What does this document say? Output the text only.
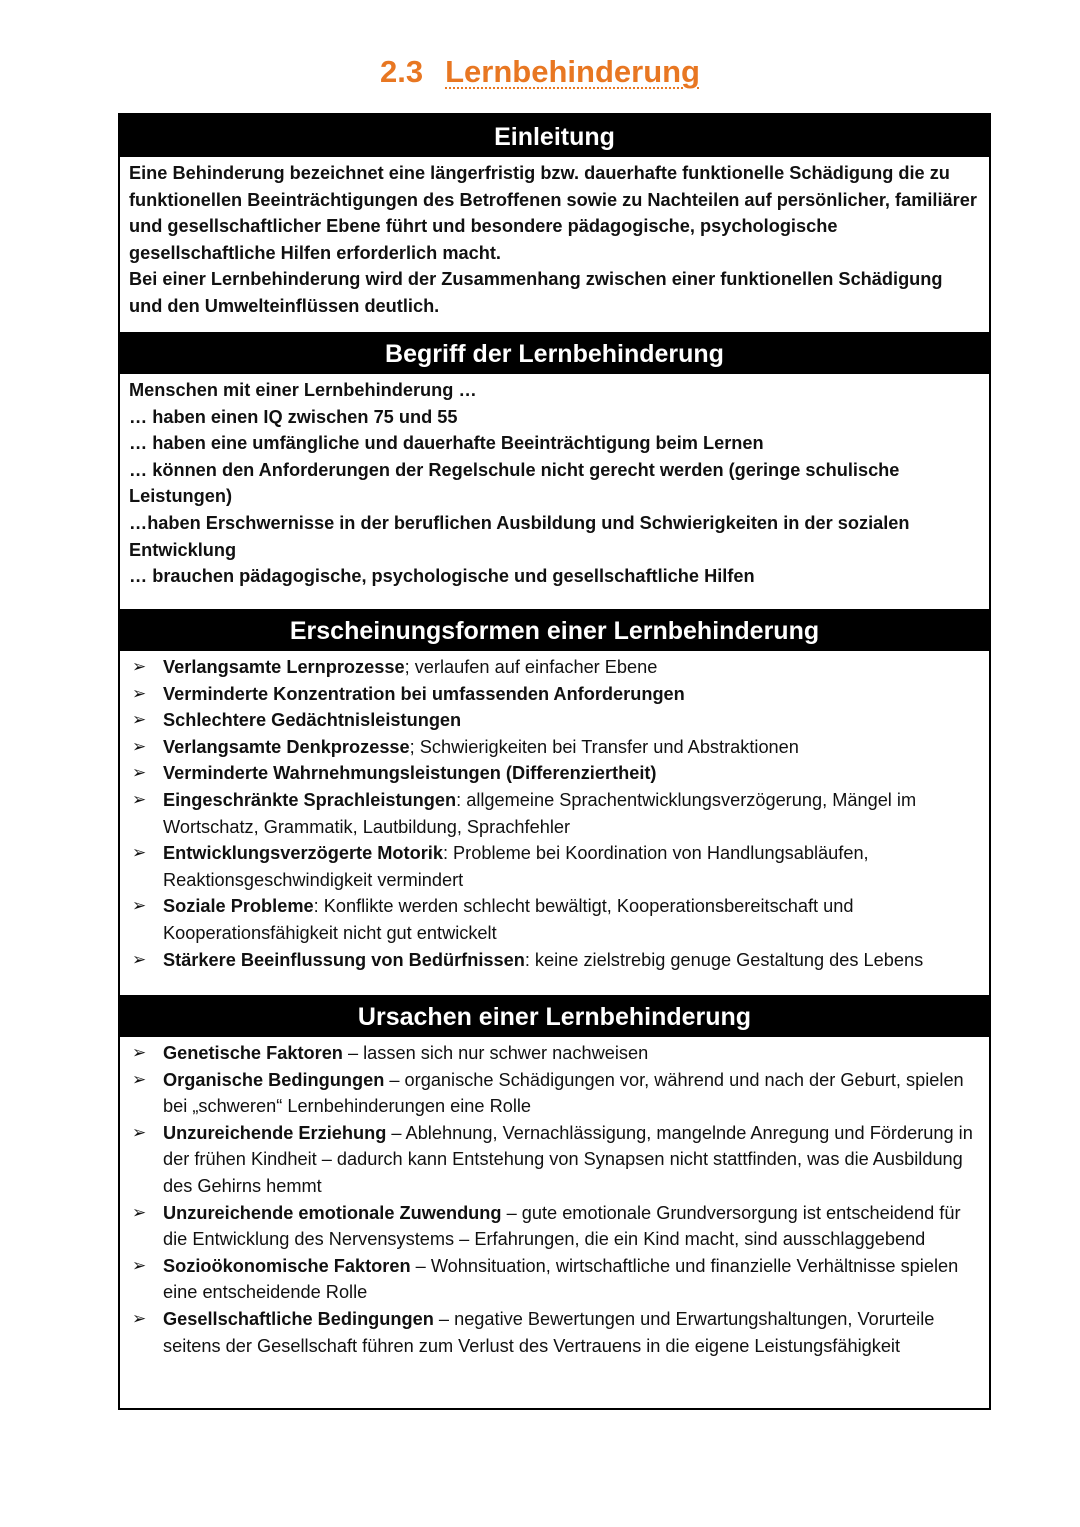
2.3 Lernbehinderung
Einleitung

Eine Behinderung bezeichnet eine längerfristig bzw. dauerhafte funktionelle Schädigung die zu funktionellen Beeinträchtigungen des Betroffenen sowie zu Nachteilen auf persönlicher, familiärer und gesellschaftlicher Ebene führt und besondere pädagogische, psychologische gesellschaftliche Hilfen erforderlich macht.

Bei einer Lernbehinderung wird der Zusammenhang zwischen einer funktionellen Schädigung und den Umwelteinflüssen deutlich.

Begriff der Lernbehinderung

Menschen mit einer Lernbehinderung …

… haben einen IQ zwischen 75 und 55

… haben eine umfängliche und dauerhafte Beeinträchtigung beim Lernen

… können den Anforderungen der Regelschule nicht gerecht werden (geringe schulische Leistungen)

…haben Erschwernisse in der beruflichen Ausbildung und Schwierigkeiten in der sozialen Entwicklung

… brauchen pädagogische, psychologische und gesellschaftliche Hilfen

Erscheinungsformen einer Lernbehinderung
➢ Verlangsamte Lernprozesse; verlaufen auf einfacher Ebene
➢ Verminderte Konzentration bei umfassenden Anforderungen
➢ Schlechtere Gedächtnisleistungen
➢ Verlangsamte Denkprozesse; Schwierigkeiten bei Transfer und Abstraktionen
➢ Verminderte Wahrnehmungsleistungen (Differenziertheit)
➢ Eingeschränkte Sprachleistungen: allgemeine Sprachentwicklungsverzögerung, Mängel im Wortschatz, Grammatik, Lautbildung, Sprachfehler
➢ Entwicklungsverzögerte Motorik: Probleme bei Koordination von Handlungsabläufen, Reaktionsgeschwindigkeit vermindert
➢ Soziale Probleme: Konflikte werden schlecht bewältigt, Kooperationsbereitschaft und Kooperationsfähigkeit nicht gut entwickelt
➢ Stärkere Beeinflussung von Bedürfnissen: keine zielstrebig genuge Gestaltung des Lebens
Ursachen einer Lernbehinderung
➢ Genetische Faktoren – lassen sich nur schwer nachweisen
➢ Organische Bedingungen – organische Schädigungen vor, während und nach der Geburt, spielen bei „schweren“ Lernbehinderungen eine Rolle
➢ Unzureichende Erziehung – Ablehnung, Vernachlässigung, mangelnde Anregung und Förderung in der frühen Kindheit – dadurch kann Entstehung von Synapsen nicht stattfinden, was die Ausbildung des Gehirns hemmt
➢ Unzureichende emotionale Zuwendung – gute emotionale Grundversorgung ist entscheidend für die Entwicklung des Nervensystems – Erfahrungen, die ein Kind macht, sind ausschlaggebend
➢ Sozioökonomische Faktoren – Wohnsituation, wirtschaftliche und finanzielle Verhältnisse spielen eine entscheidende Rolle
➢ Gesellschaftliche Bedingungen – negative Bewertungen und Erwartungshaltungen, Vorurteile seitens der Gesellschaft führen zum Verlust des Vertrauens in die eigene Leistungsfähigkeit
